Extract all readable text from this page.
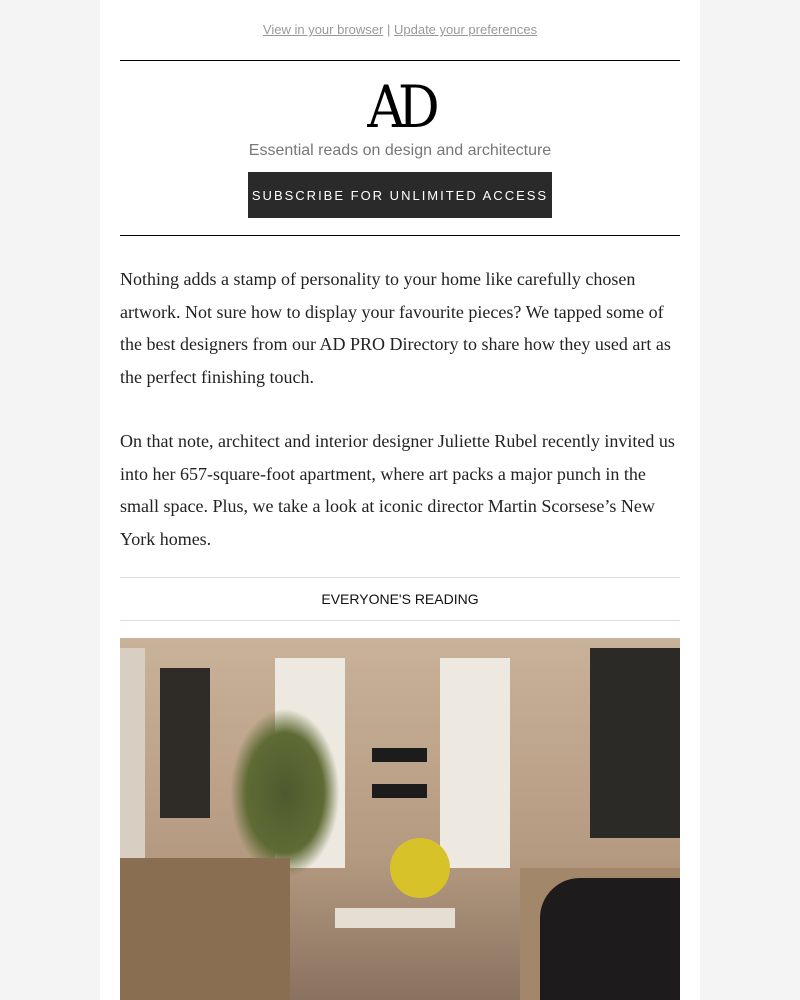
View in your browser | Update your preferences
AD
Essential reads on design and architecture
SUBSCRIBE FOR UNLIMITED ACCESS

Nothing adds a stamp of personality to your home like carefully chosen artwork. Not sure how to display your favourite pieces? We tapped some of the best designers from our AD PRO Directory to share how they used art as the perfect finishing touch.

On that note, architect and interior designer Juliette Rubel recently invited us into her 657-square-foot apartment, where art packs a major punch in the small space. Plus, we take a look at iconic director Martin Scorsese’s New York homes.

EVERYONE'S READING
